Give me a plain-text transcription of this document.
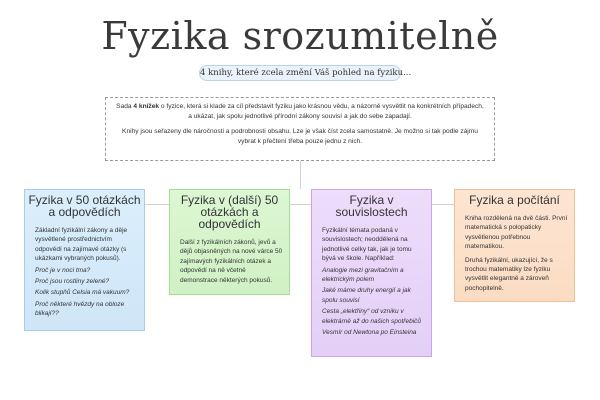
Fyzika srozumitelně
4 knihy, které zcela změní Váš pohled na fyziku...

Sada 4 knížek o fyzice, která si klade za cíl představit fyziku jako krásnou vědu, a názorně vysvětlit na konkrétních případech, a ukázat, jak spolu jednotlivé přírodní zákony souvisí a jak do sebe zapadají.

Knihy jsou seřazeny dle náročnosti a podrobnosti obsahu. Lze je však číst zcela samostatně. Je možno si tak podle zájmu vybrat k přečtení třeba pouze jednu z nich.

Fyzika v 50 otázkách a odpovědích
Základní fyzikální zákony a děje vysvětlené prostřednictvím odpovědí na zajímavé otázky (s ukázkami vybraných pokusů).
Proč je v noci tma?
Proč jsou rostliny zelené?
Kolik stupňů Celsia má vakuum?
Proč některé hvězdy na obloze blikají??
Fyzika v (další) 50 otázkách a odpovědích
Další z fyzikálních zákonů, jevů a dějů objasněných na nové várce 50 zajímavých fyzikálních otázek a odpovědí na ně včetně demonstrace některých pokusů.
Fyzika v souvislostech
Fyzikální témata podaná v souvislostech; neoddělená na jednotlivé celky tak, jak je tomu bývá ve škole. Například:
Analogie mezi gravitačním a elektrickým polem
Jaké máme druhy energií a jak spolu souvisí
Cesta „elektřiny“ od vzniku v elektrárně až do našich spotřebičů
Vesmír od Newtona po Einsteina
Fyzika a počítání
Kniha rozdělená na dvě části. První matematická s polopaticky vysvětlenou potřebnou matematikou.
Druhá fyzikální, ukazující, že s trochou matematiky lze fyziku vysvětlit elegantně a zároveň pochopitelně.
